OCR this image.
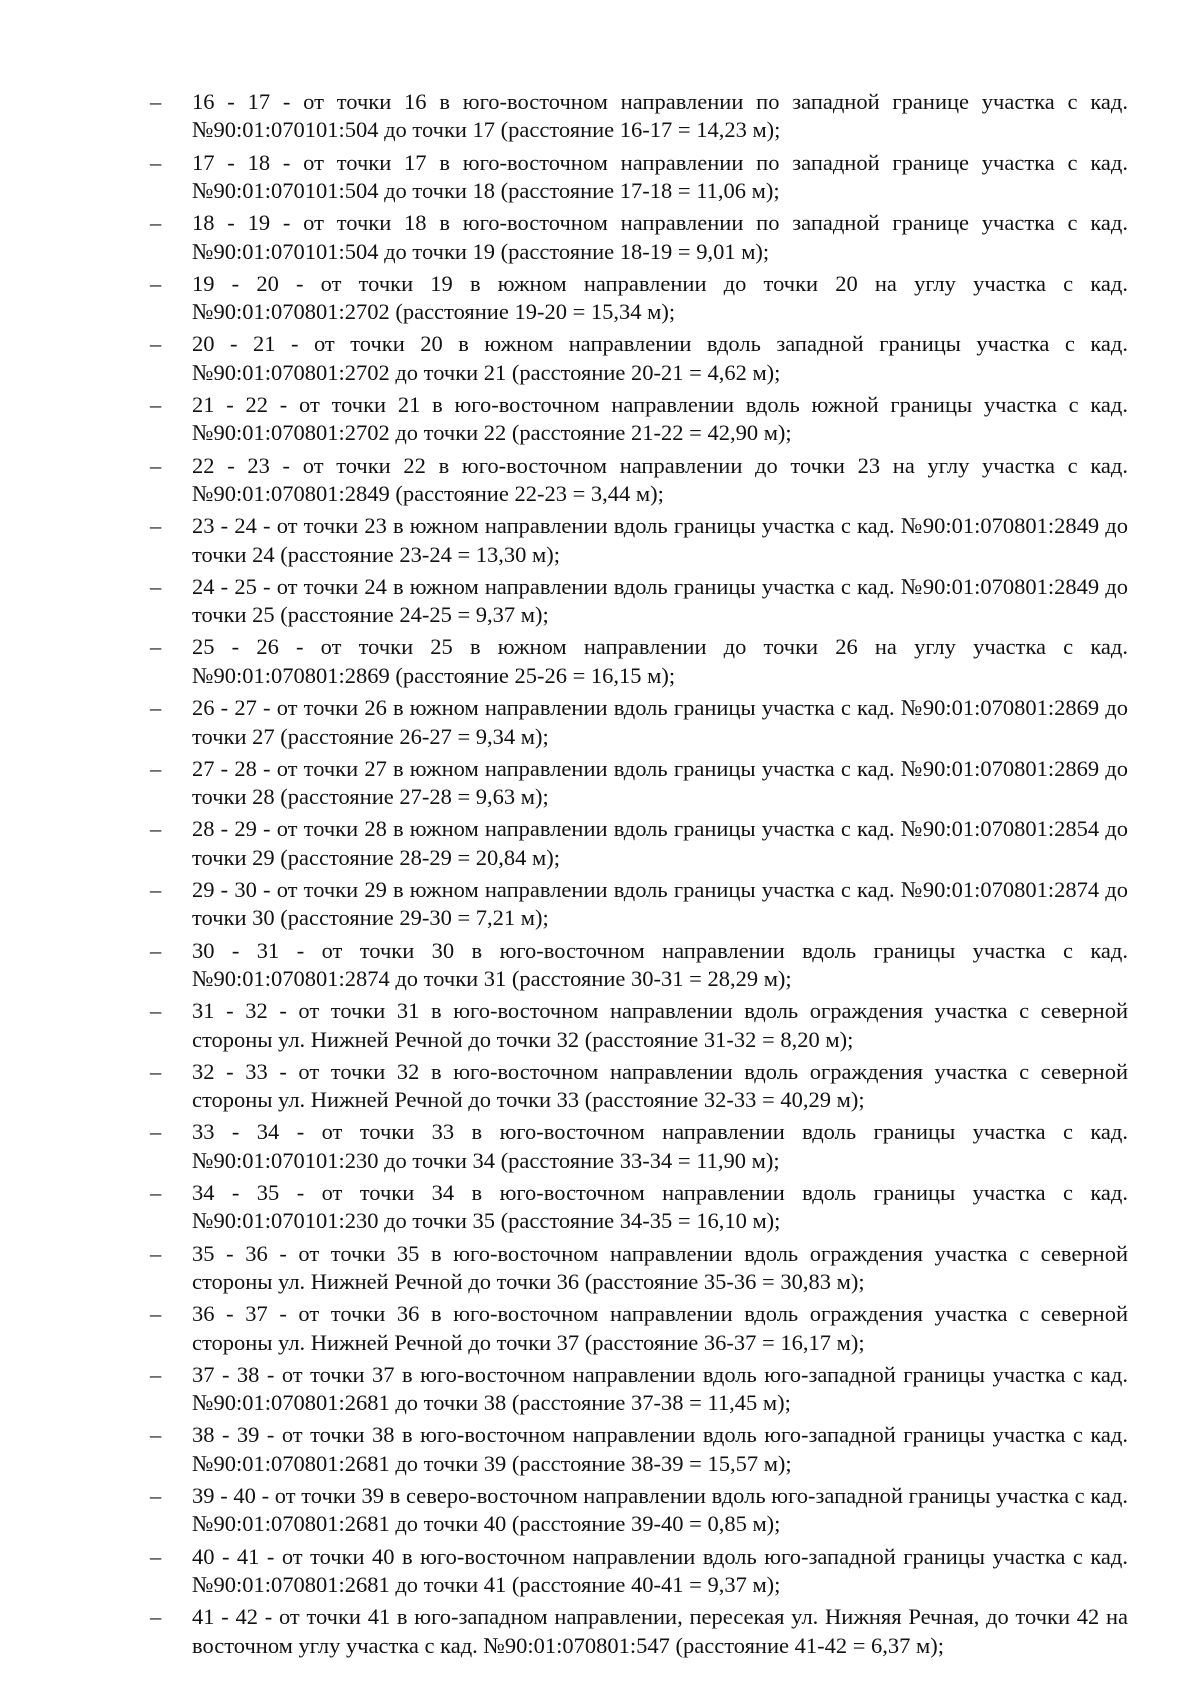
–	16 - 17 - от точки 16 в юго-восточном направлении по западной границе участка с кад. №90:01:070101:504 до точки 17 (расстояние 16-17 = 14,23 м);
–	17 - 18 - от точки 17 в юго-восточном направлении по западной границе участка с кад. №90:01:070101:504 до точки 18 (расстояние 17-18 = 11,06 м);
–	18 - 19 - от точки 18 в юго-восточном направлении по западной границе участка с кад. №90:01:070101:504 до точки 19 (расстояние 18-19 = 9,01 м);
–	19 - 20 - от точки 19 в южном направлении до точки 20 на углу участка с кад. №90:01:070801:2702 (расстояние 19-20 = 15,34 м);
–	20 - 21 - от точки 20 в южном направлении вдоль западной границы участка с кад. №90:01:070801:2702 до точки 21 (расстояние 20-21 = 4,62 м);
–	21 - 22 - от точки 21 в юго-восточном направлении вдоль южной границы участка с кад. №90:01:070801:2702 до точки 22 (расстояние 21-22 = 42,90 м);
–	22 - 23 - от точки 22 в юго-восточном направлении до точки 23 на углу участка с кад. №90:01:070801:2849 (расстояние 22-23 = 3,44 м);
–	23 - 24 - от точки 23 в южном направлении вдоль границы участка с кад. №90:01:070801:2849 до точки 24 (расстояние 23-24 = 13,30 м);
–	24 - 25 - от точки 24 в южном направлении вдоль границы участка с кад. №90:01:070801:2849 до точки 25 (расстояние 24-25 = 9,37 м);
–	25 - 26 - от точки 25 в южном направлении до точки 26 на углу участка с кад. №90:01:070801:2869 (расстояние 25-26 = 16,15 м);
–	26 - 27 - от точки 26 в южном направлении вдоль границы участка с кад. №90:01:070801:2869 до точки 27 (расстояние 26-27 = 9,34 м);
–	27 - 28 - от точки 27 в южном направлении вдоль границы участка с кад. №90:01:070801:2869 до точки 28 (расстояние 27-28 = 9,63 м);
–	28 - 29 - от точки 28 в южном направлении вдоль границы участка с кад. №90:01:070801:2854 до точки 29 (расстояние 28-29 = 20,84 м);
–	29 - 30 - от точки 29 в южном направлении вдоль границы участка с кад. №90:01:070801:2874 до точки 30 (расстояние 29-30 = 7,21 м);
–	30 - 31 - от точки 30 в юго-восточном направлении вдоль границы участка с кад. №90:01:070801:2874 до точки 31 (расстояние 30-31 = 28,29 м);
–	31 - 32 - от точки 31 в юго-восточном направлении вдоль ограждения участка с северной стороны ул. Нижней Речной до точки 32 (расстояние 31-32 = 8,20 м);
–	32 - 33 - от точки 32 в юго-восточном направлении вдоль ограждения участка с северной стороны ул. Нижней Речной до точки 33 (расстояние 32-33 = 40,29 м);
–	33 - 34 - от точки 33 в юго-восточном направлении вдоль границы участка с кад. №90:01:070101:230 до точки 34 (расстояние 33-34 = 11,90 м);
–	34 - 35 - от точки 34 в юго-восточном направлении вдоль границы участка с кад. №90:01:070101:230 до точки 35 (расстояние 34-35 = 16,10 м);
–	35 - 36 - от точки 35 в юго-восточном направлении вдоль ограждения участка с северной стороны ул. Нижней Речной до точки 36 (расстояние 35-36 = 30,83 м);
–	36 - 37 - от точки 36 в юго-восточном направлении вдоль ограждения участка с северной стороны ул. Нижней Речной до точки 37 (расстояние 36-37 = 16,17 м);
–	37 - 38 - от точки 37 в юго-восточном направлении вдоль юго-западной границы участка с кад. №90:01:070801:2681 до точки 38 (расстояние 37-38 = 11,45 м);
–	38 - 39 - от точки 38 в юго-восточном направлении вдоль юго-западной границы участка с кад. №90:01:070801:2681 до точки 39 (расстояние 38-39 = 15,57 м);
–	39 - 40 - от точки 39 в северо-восточном направлении вдоль юго-западной границы участка с кад. №90:01:070801:2681 до точки 40 (расстояние 39-40 = 0,85 м);
–	40 - 41 - от точки 40 в юго-восточном направлении вдоль юго-западной границы участка с кад. №90:01:070801:2681 до точки 41 (расстояние 40-41 = 9,37 м);
–	41 - 42 - от точки 41 в юго-западном направлении, пересекая ул. Нижняя Речная, до точки 42 на восточном углу участка с кад. №90:01:070801:547 (расстояние 41-42 = 6,37 м);
